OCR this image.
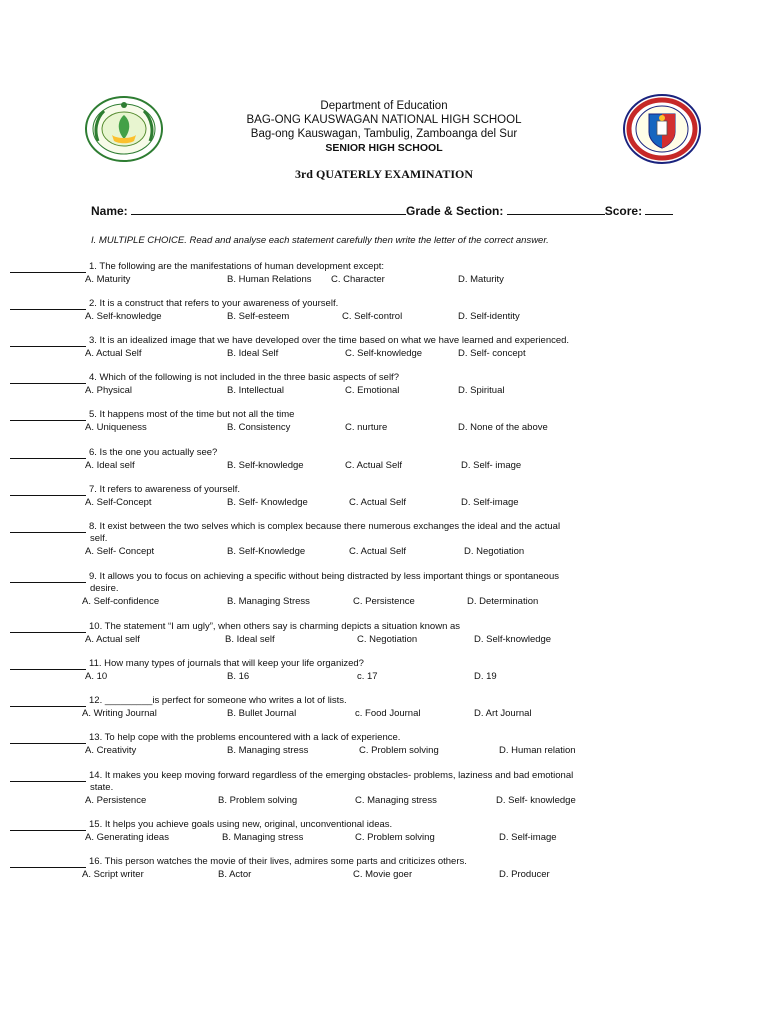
Department of Education
BAG-ONG KAUSWAGAN NATIONAL HIGH SCHOOL
Bag-ong Kauswagan, Tambulig, Zamboanga del Sur
SENIOR HIGH SCHOOL
3rd QUATERLY EXAMINATION
Name:	Grade & Section:	Score:
I. MULTIPLE CHOICE. Read and analyse each statement carefully then write the letter of the correct answer.
1. The following are the manifestations of human development except:
A. Maturity	B. Human Relations C. Character	D. Maturity
2. It is a construct that refers to your awareness of yourself.
A. Self-knowledge	B. Self-esteem	C. Self-control	D. Self-identity
3. It is an idealized image that we have developed over the time based on what we have learned and experienced.
A. Actual Self	B. Ideal Self	C. Self-knowledge	D. Self- concept
4. Which of the following is not included in the three basic aspects of self?
A. Physical	B. Intellectual	C. Emotional	D. Spiritual
5. It happens most of the time but not all the time
A. Uniqueness	B. Consistency	C. nurture	D. None of the above
6. Is the one you actually see?
A. Ideal self	B. Self-knowledge	C. Actual Self	D. Self- image
7. It refers to awareness of yourself.
A. Self-Concept	B. Self- Knowledge	C. Actual Self	D. Self-image
8. It exist between the two selves which is complex because there numerous exchanges the ideal and the actual
self.
A. Self- Concept	B. Self-Knowledge	C. Actual Self	D. Negotiation
9. It allows you to focus on achieving a specific without being distracted by less important things or spontaneous
desire.
A. Self-confidence	B. Managing Stress	C. Persistence	D. Determination
10. The statement “I am ugly”, when others say is charming depicts a situation known as
A. Actual self	B. Ideal self	C. Negotiation	D. Self-knowledge
11. How many types of journals that will keep your life organized?
A. 10	B. 16	c. 17	D. 19
12. _________is perfect for someone who writes a lot of lists.
A. Writing Journal	B. Bullet Journal	c. Food Journal	D. Art Journal
13. To help cope with the problems encountered with a lack of experience.
A. Creativity	B. Managing stress	C. Problem solving	D. Human relation
14. It makes you keep moving forward regardless of the emerging obstacles- problems, laziness and bad emotional
state.
A. Persistence	B. Problem solving	C. Managing stress	D. Self- knowledge
15. It helps you achieve goals using new, original, unconventional ideas.
A. Generating ideas	B. Managing stress	C. Problem solving	D. Self-image
16. This person watches the movie of their lives, admires some parts and criticizes others.
A. Script writer	B. Actor	C. Movie goer	D. Producer
